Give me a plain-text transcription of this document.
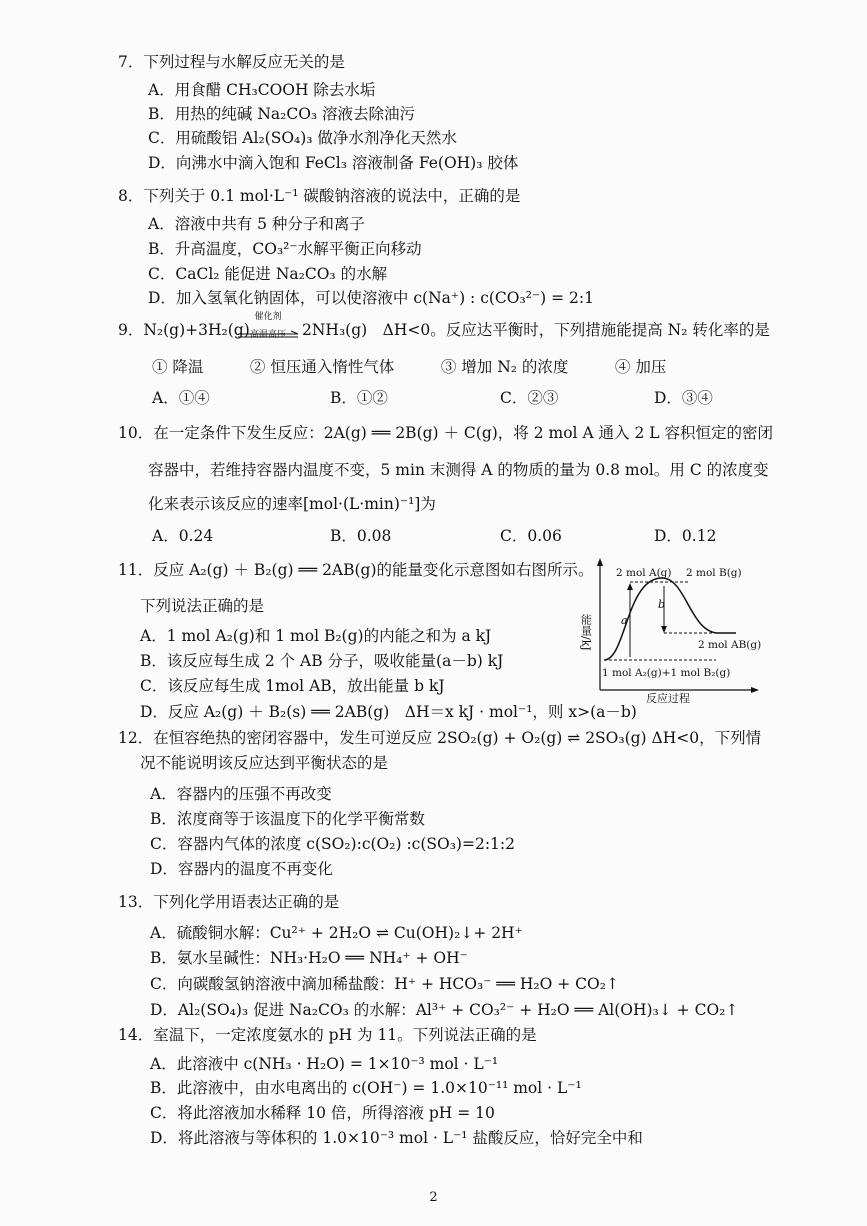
7．下列过程与水解反应无关的是
A．用食醋 CH₃COOH 除去水垢
B．用热的纯碱 Na₂CO₃ 溶液去除油污
C．用硫酸铝 Al₂(SO₄)₃ 做净水剂净化天然水
D．向沸水中滴入饱和 FeCl₃ 溶液制备 Fe(OH)₃ 胶体
8．下列关于 0.1 mol·L⁻¹ 碳酸钠溶液的说法中，正确的是
A．溶液中共有 5 种分子和离子
B．升高温度，CO₃²⁻水解平衡正向移动
C．CaCl₂ 能促进 Na₂CO₃ 的水解
D．加入氢氧化钠固体，可以使溶液中 c(Na⁺) : c(CO₃²⁻) = 2:1
9．N₂(g)+3H₂(g)
催化剂
高温高压	2NH₃(g)　ΔH<0。反应达平衡时，下列措施能提高 N₂ 转化率的是
① 降温　　　② 恒压通入惰性气体　　　③ 增加 N₂ 的浓度　　　④ 加压
A．①④	B．①②	C．②③	D．③④
10．在一定条件下发生反应：2A(g) ══ 2B(g) ＋ C(g)，将 2 mol A 通入 2 L 容积恒定的密闭
容器中，若维持容器内温度不变，5 min 末测得 A 的物质的量为 0.8 mol。用 C 的浓度变
化来表示该反应的速率[mol·(L·min)⁻¹]为
A．0.24	B．0.08	C．0.06	D．0.12
11．反应 A₂(g) ＋ B₂(g) ══ 2AB(g)的能量变化示意图如右图所示。
下列说法正确的是
A．1 mol A₂(g)和 1 mol B₂(g)的内能之和为 a kJ
B．该反应每生成 2 个 AB 分子，吸收能量(a－b) kJ
C．该反应每生成 1mol AB，放出能量 b kJ
D．反应 A₂(g) ＋ B₂(s) ══ 2AB(g)　ΔH＝x kJ · mol⁻¹，则 x>(a－b)
能量/kJ
反应过程
a
b
2 mol A(g) 2 mol B(g)
2 mol AB(g)
1 mol A₂(g)+1 mol B₂(g)
12．在恒容绝热的密闭容器中，发生可逆反应 2SO₂(g) + O₂(g) ⇌ 2SO₃(g) ΔH<0，下列情
况不能说明该反应达到平衡状态的是
A．容器内的压强不再改变
B．浓度商等于该温度下的化学平衡常数
C．容器内气体的浓度 c(SO₂):c(O₂) :c(SO₃)=2:1:2
D．容器内的温度不再变化
13．下列化学用语表达正确的是
A．硫酸铜水解：Cu²⁺ + 2H₂O ⇌ Cu(OH)₂↓+ 2H⁺
B．氨水呈碱性：NH₃·H₂O ══ NH₄⁺ + OH⁻
C．向碳酸氢钠溶液中滴加稀盐酸：H⁺ + HCO₃⁻ ══ H₂O + CO₂↑
D．Al₂(SO₄)₃ 促进 Na₂CO₃ 的水解：Al³⁺ + CO₃²⁻ + H₂O ══ Al(OH)₃↓ + CO₂↑
14．室温下，一定浓度氨水的 pH 为 11。下列说法正确的是
A．此溶液中 c(NH₃ · H₂O) = 1×10⁻³ mol · L⁻¹
B．此溶液中，由水电离出的 c(OH⁻) = 1.0×10⁻¹¹ mol · L⁻¹
C．将此溶液加水稀释 10 倍，所得溶液 pH = 10
D．将此溶液与等体积的 1.0×10⁻³ mol · L⁻¹ 盐酸反应，恰好完全中和
2
